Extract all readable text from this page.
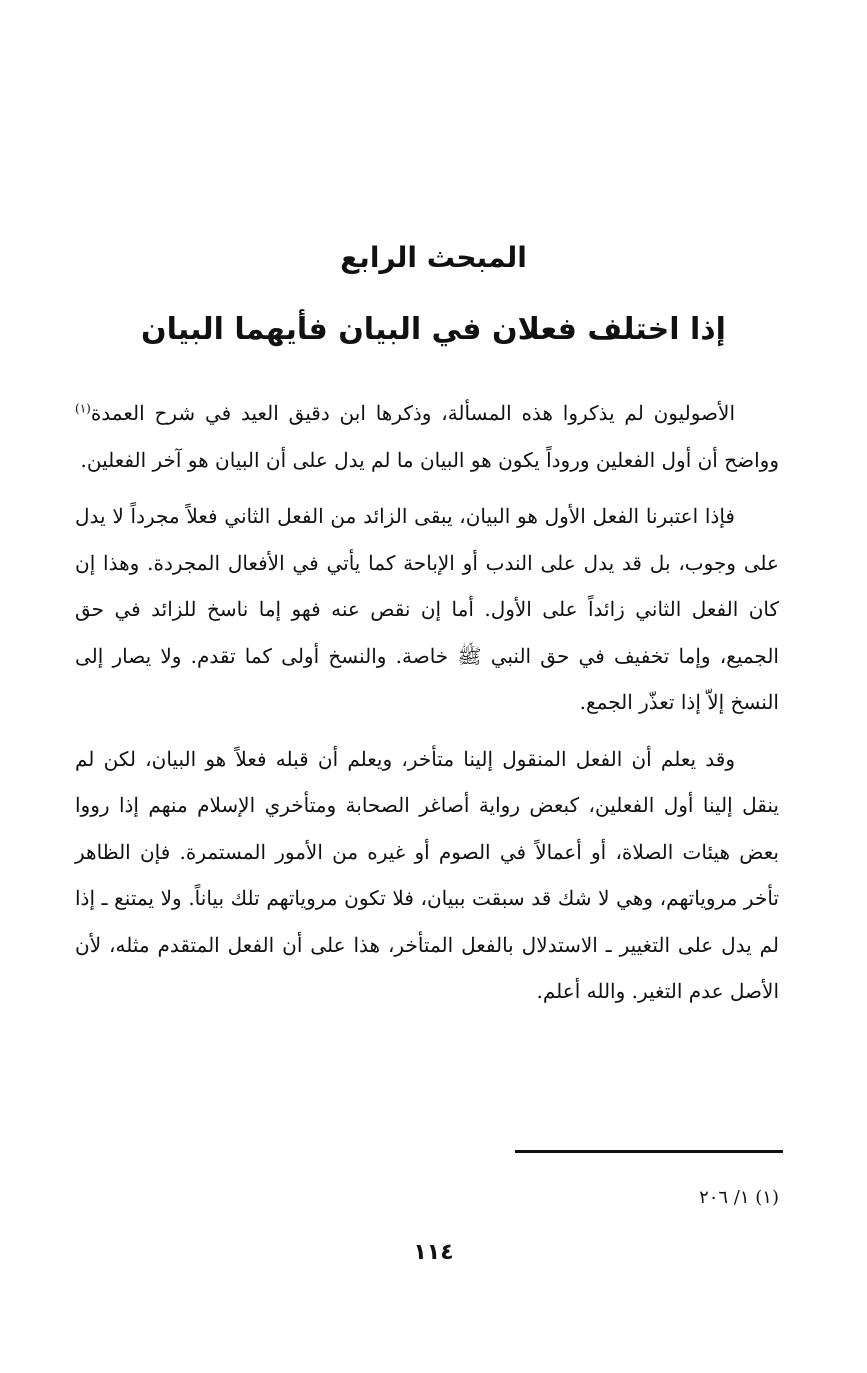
المبحث الرابع
إذا اختلف فعلان في البيان فأيهما البيان

الأصوليون لم يذكروا هذه المسألة، وذكرها ابن دقيق العيد في شرح العمدة$^{(١)}$ وواضح أن أول الفعلين وروداً يكون هو البيان ما لم يدل على أن البيان هو آخر الفعلين.

فإذا اعتبرنا الفعل الأول هو البيان، يبقى الزائد من الفعل الثاني فعلاً مجرداً لا يدل على وجوب، بل قد يدل على الندب أو الإباحة كما يأتي في الأفعال المجردة. وهذا إن كان الفعل الثاني زائداً على الأول. أما إن نقص عنه فهو إما ناسخ للزائد في حق الجميع، وإما تخفيف في حق النبي ﷺ خاصة. والنسخ أولى كما تقدم. ولا يصار إلى النسخ إلاّ إذا تعذّر الجمع.

وقد يعلم أن الفعل المنقول إلينا متأخر، ويعلم أن قبله فعلاً هو البيان، لكن لم ينقل إلينا أول الفعلين، كبعض رواية أصاغر الصحابة ومتأخري الإسلام منهم إذا رووا بعض هيئات الصلاة، أو أعمالاً في الصوم أو غيره من الأمور المستمرة. فإن الظاهر تأخر مروياتهم، وهي لا شك قد سبقت ببيان، فلا تكون مروياتهم تلك بياناً. ولا يمتنع ـ إذا لم يدل على التغيير ـ الاستدلال بالفعل المتأخر، هذا على أن الفعل المتقدم مثله، لأن الأصل عدم التغير. والله أعلم.

(١) ١/ ٢٠٦
١١٤
